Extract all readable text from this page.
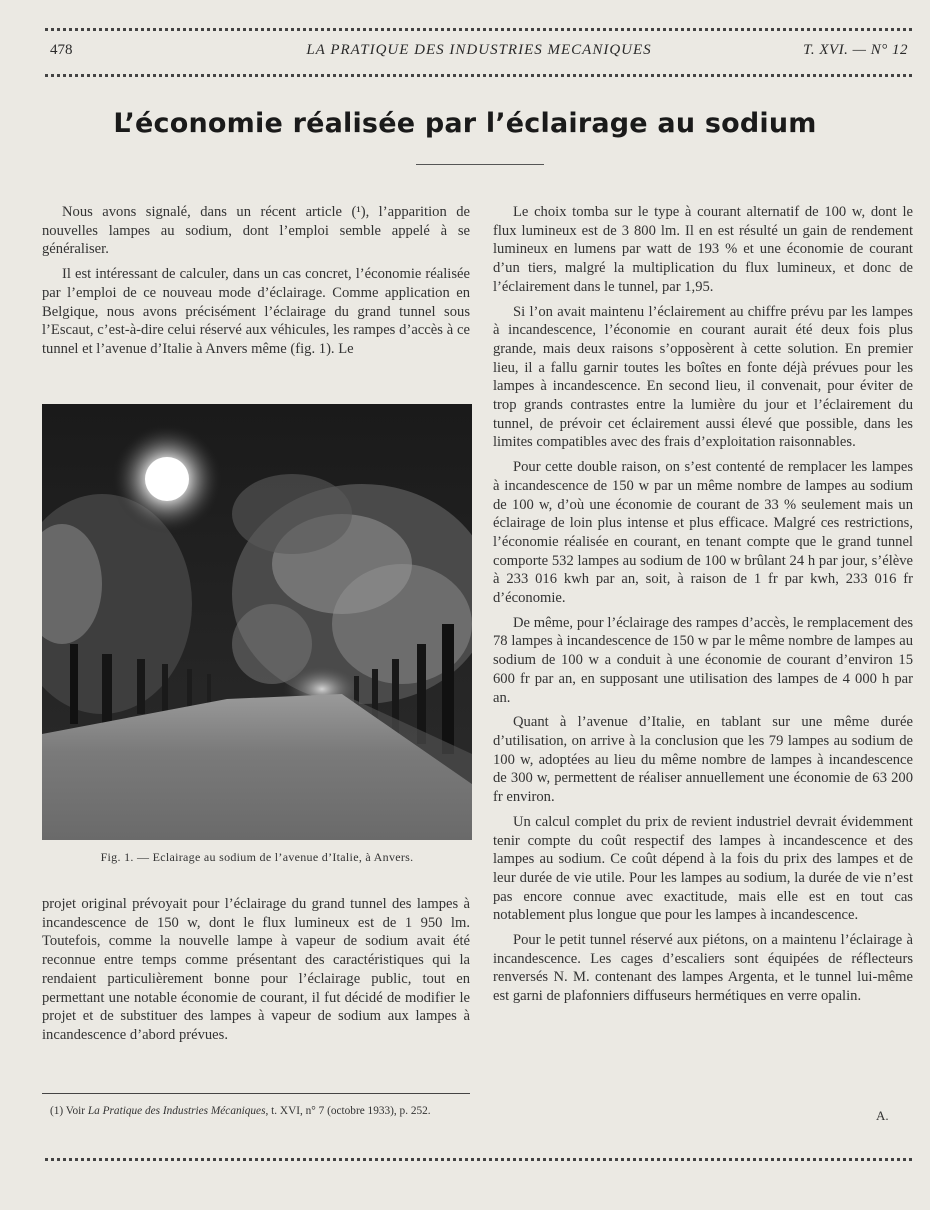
478	LA PRATIQUE DES INDUSTRIES MECANIQUES	T. XVI. — N° 12
L’économie réalisée par l’éclairage au sodium

Nous avons signalé, dans un récent article (¹), l’apparition de nouvelles lampes au sodium, dont l’emploi semble appelé à se généraliser.

Il est intéressant de calculer, dans un cas concret, l’économie réalisée par l’emploi de ce nouveau mode d’éclairage. Comme application en Belgique, nous avons précisément l’éclairage du grand tunnel sous l’Escaut, c’est-à-dire celui réservé aux véhicules, les rampes d’accès à ce tunnel et l’avenue d’Italie à Anvers même (fig. 1). Le

Fig. 1. — Eclairage au sodium de l’avenue d’Italie, à Anvers.

projet original prévoyait pour l’éclairage du grand tunnel des lampes à incandescence de 150 w, dont le flux lumineux est de 1 950 lm. Toutefois, comme la nouvelle lampe à vapeur de sodium avait été reconnue entre temps comme présentant des caractéristiques qui la rendaient particulièrement bonne pour l’éclairage public, tout en permettant une notable économie de courant, il fut décidé de modifier le projet et de substituer des lampes à vapeur de sodium aux lampes à incandescence d’abord prévues.

(1) Voir La Pratique des Industries Mécaniques, t. XVI, n° 7 (octobre 1933), p. 252.

Le choix tomba sur le type à courant alternatif de 100 w, dont le flux lumineux est de 3 800 lm. Il en est résulté un gain de rendement lumineux en lumens par watt de 193 % et une économie de courant d’un tiers, malgré la multiplication du flux lumineux, et donc de l’éclairement dans le tunnel, par 1,95.

Si l’on avait maintenu l’éclairement au chiffre prévu par les lampes à incandescence, l’économie en courant aurait été deux fois plus grande, mais deux raisons s’opposèrent à cette solution. En premier lieu, il a fallu garnir toutes les boîtes en fonte déjà prévues pour les lampes à incandescence. En second lieu, il convenait, pour éviter de trop grands contrastes entre la lumière du jour et l’éclairement du tunnel, de prévoir cet éclairement aussi élevé que possible, dans les limites compatibles avec des frais d’exploitation raisonnables.

Pour cette double raison, on s’est contenté de remplacer les lampes à incandescence de 150 w par un même nombre de lampes au sodium de 100 w, d’où une économie de courant de 33 % seulement mais un éclairage de loin plus intense et plus efficace. Malgré ces restrictions, l’économie réalisée en courant, en tenant compte que le grand tunnel comporte 532 lampes au sodium de 100 w brûlant 24 h par jour, s’élève à 233 016 kwh par an, soit, à raison de 1 fr par kwh, 233 016 fr d’économie.

De même, pour l’éclairage des rampes d’accès, le remplacement des 78 lampes à incandescence de 150 w par le même nombre de lampes au sodium de 100 w a conduit à une économie de courant d’environ 15 600 fr par an, en supposant une utilisation des lampes de 4 000 h par an.

Quant à l’avenue d’Italie, en tablant sur une même durée d’utilisation, on arrive à la conclusion que les 79 lampes au sodium de 100 w, adoptées au lieu du même nombre de lampes à incandescence de 300 w, permettent de réaliser annuellement une économie de 63 200 fr environ.

Un calcul complet du prix de revient industriel devrait évidemment tenir compte du coût respectif des lampes à incandescence et des lampes au sodium. Ce coût dépend à la fois du prix des lampes et de leur durée de vie utile. Pour les lampes au sodium, la durée de vie n’est pas encore connue avec exactitude, mais elle est en tout cas notablement plus longue que pour les lampes à incandescence.

Pour le petit tunnel réservé aux piétons, on a maintenu l’éclairage à incandescence. Les cages d’escaliers sont équipées de réflecteurs renversés N. M. contenant des lampes Argenta, et le tunnel lui-même est garni de plafonniers diffuseurs hermétiques en verre opalin.

A.
